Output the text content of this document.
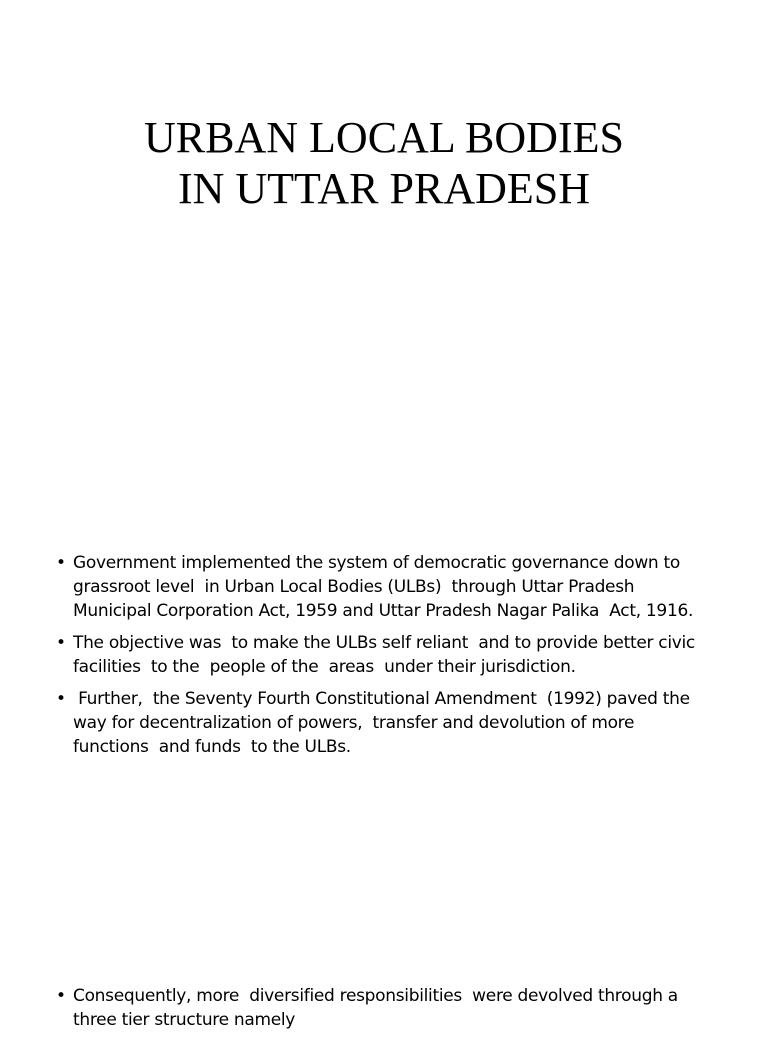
URBAN LOCAL BODIES
IN UTTAR PRADESH
• Government implemented the system of democratic governance down to grassroot level  in Urban Local Bodies (ULBs)  through Uttar Pradesh Municipal Corporation Act, 1959 and Uttar Pradesh Nagar Palika  Act, 1916.
• The objective was  to make the ULBs self reliant  and to provide better civic facilities  to the  people of the  areas  under their jurisdiction.
• Further,  the Seventy Fourth Constitutional Amendment  (1992) paved the  way for decentralization of powers,  transfer and devolution of more  functions  and funds  to the ULBs.
• Consequently, more  diversified responsibilities  were devolved through a three tier structure namely
